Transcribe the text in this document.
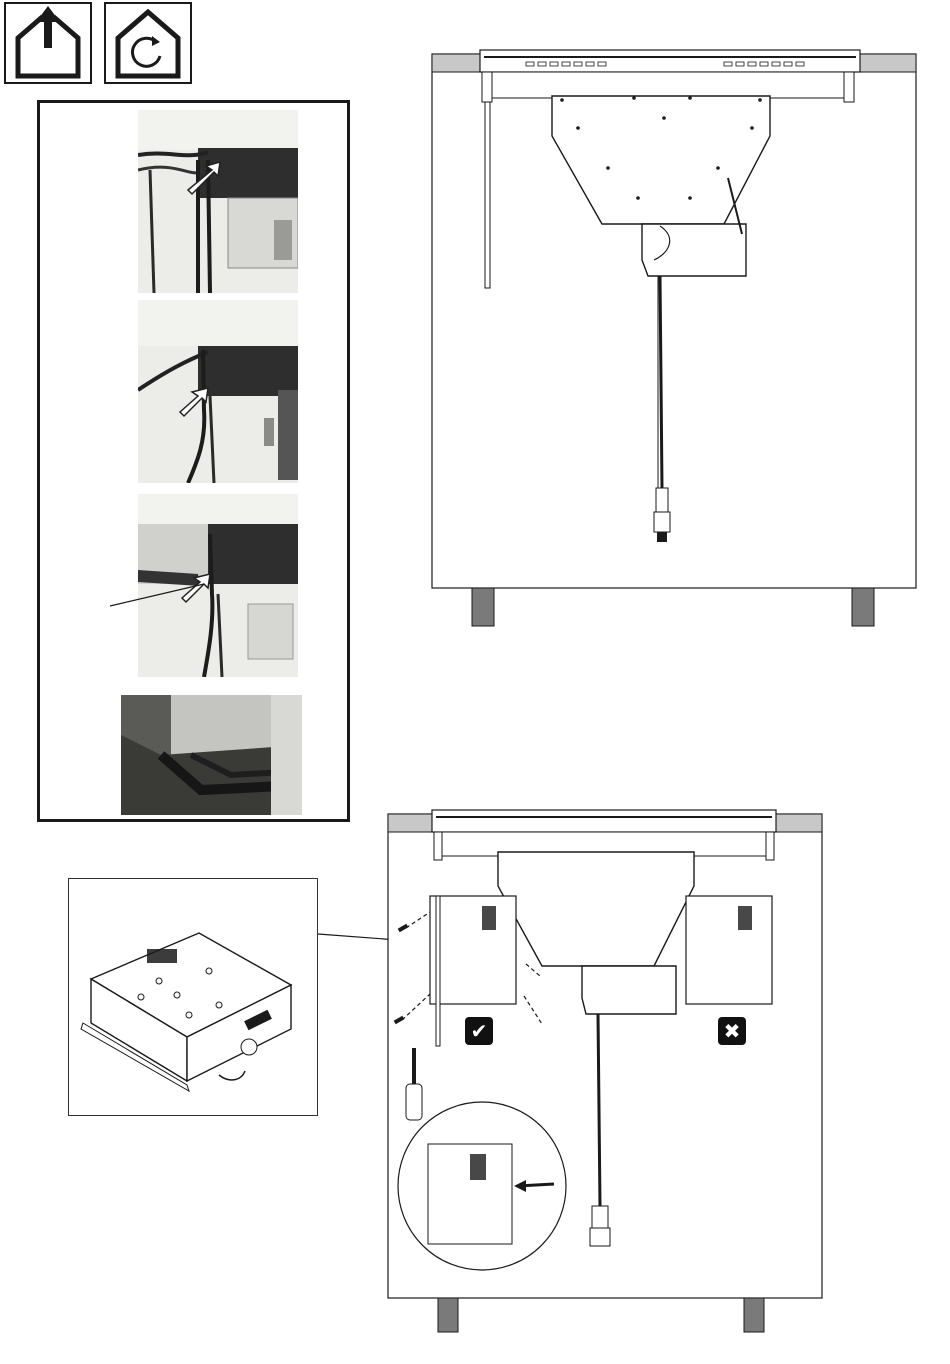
✔	✖
